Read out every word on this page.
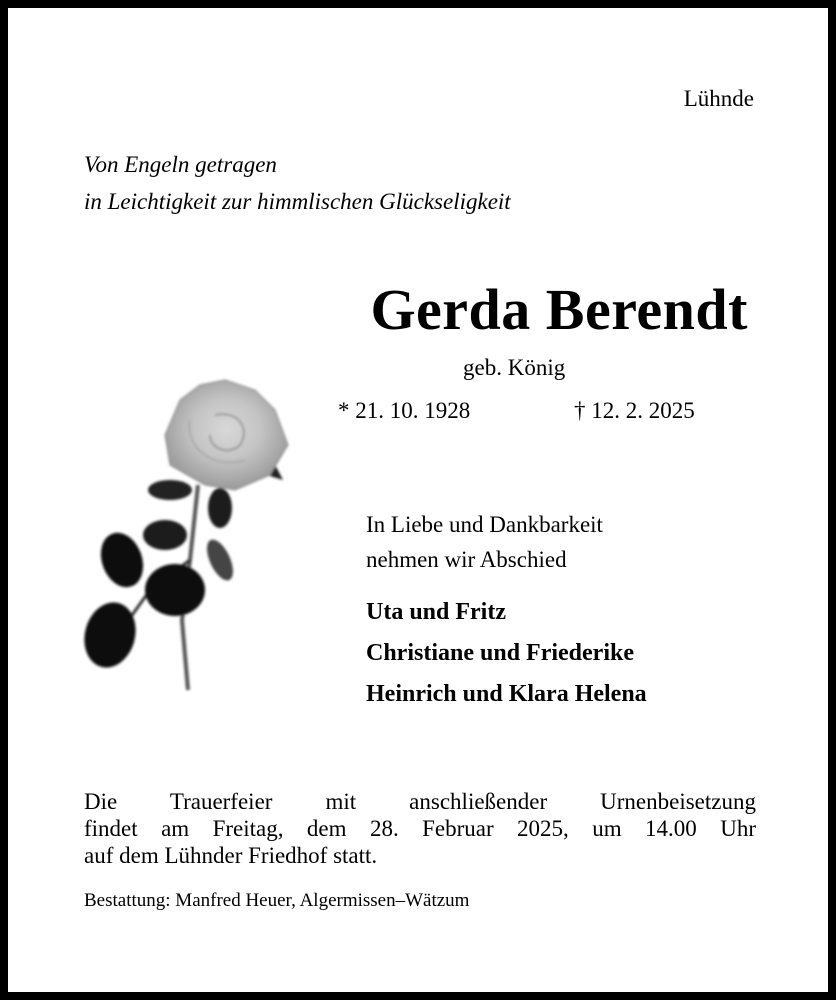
Lühnde

Von Engeln getragen
in Leichtigkeit zur himmlischen Glückseligkeit

Gerda Berendt

geb. König

* 21. 10. 1928	† 12. 2. 2025

In Liebe und Dankbarkeit
nehmen wir Abschied
Uta und Fritz
Christiane und Friederike
Heinrich und Klara Helena
Die Trauerfeier mit anschließender Urnenbeisetzung
findet am Freitag, dem 28. Februar 2025, um 14.00 Uhr
auf dem Lühnder Friedhof statt.

Bestattung: Manfred Heuer, Algermissen–Wätzum
